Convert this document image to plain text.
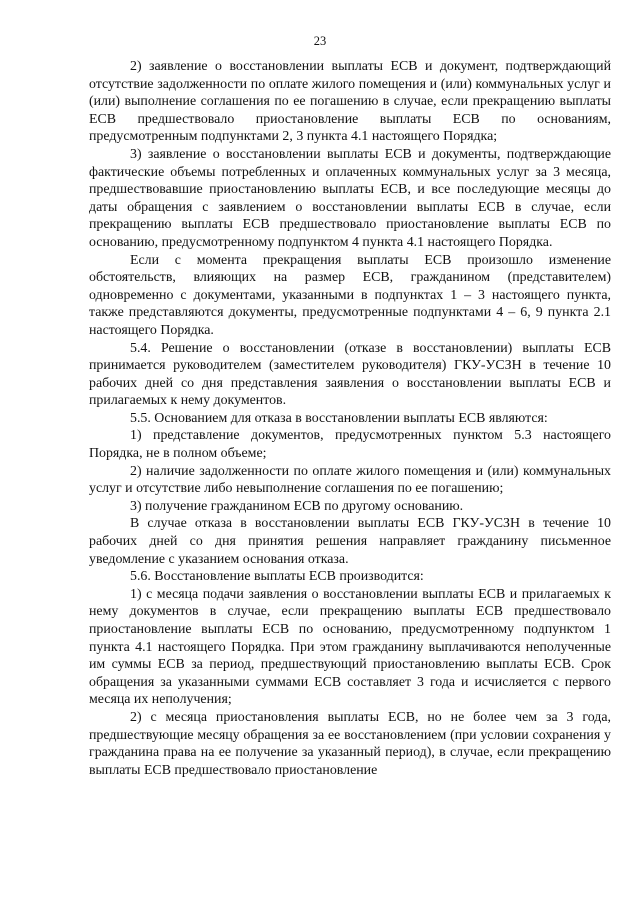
23

2) заявление о восстановлении выплаты ЕСВ и документ, подтверждающий отсутствие задолженности по оплате жилого помещения и (или) коммунальных услуг и (или) выполнение соглашения по ее погашению в случае, если прекращению выплаты ЕСВ предшествовало приостановление выплаты ЕСВ по основаниям, предусмотренным подпунктами 2, 3 пункта 4.1 настоящего Порядка;

3) заявление о восстановлении выплаты ЕСВ и документы, подтверждающие фактические объемы потребленных и оплаченных коммунальных услуг за 3 месяца, предшествовавшие приостановлению выплаты ЕСВ, и все последующие месяцы до даты обращения с заявлением о восстановлении выплаты ЕСВ в случае, если прекращению выплаты ЕСВ предшествовало приостановление выплаты ЕСВ по основанию, предусмотренному подпунктом 4 пункта 4.1 настоящего Порядка.

Если с момента прекращения выплаты ЕСВ произошло изменение обстоятельств, влияющих на размер ЕСВ, гражданином (представителем) одновременно с документами, указанными в подпунктах 1 – 3 настоящего пункта, также представляются документы, предусмотренные подпунктами 4 – 6, 9 пункта 2.1 настоящего Порядка.

5.4. Решение о восстановлении (отказе в восстановлении) выплаты ЕСВ принимается руководителем (заместителем руководителя) ГКУ-УСЗН в течение 10 рабочих дней со дня представления заявления о восстановлении выплаты ЕСВ и прилагаемых к нему документов.

5.5. Основанием для отказа в восстановлении выплаты ЕСВ являются:

1) представление документов, предусмотренных пунктом 5.3 настоящего Порядка, не в полном объеме;

2) наличие задолженности по оплате жилого помещения и (или) коммунальных услуг и отсутствие либо невыполнение соглашения по ее погашению;

3) получение гражданином ЕСВ по другому основанию.

В случае отказа в восстановлении выплаты ЕСВ ГКУ-УСЗН в течение 10 рабочих дней со дня принятия решения направляет гражданину письменное уведомление с указанием основания отказа.

5.6. Восстановление выплаты ЕСВ производится:

1) с месяца подачи заявления о восстановлении выплаты ЕСВ и прилагаемых к нему документов в случае, если прекращению выплаты ЕСВ предшествовало приостановление выплаты ЕСВ по основанию, предусмотренному подпунктом 1 пункта 4.1 настоящего Порядка. При этом гражданину выплачиваются неполученные им суммы ЕСВ за период, предшествующий приостановлению выплаты ЕСВ. Срок обращения за указанными суммами ЕСВ составляет 3 года и исчисляется с первого месяца их неполучения;

2) с месяца приостановления выплаты ЕСВ, но не более чем за 3 года, предшествующие месяцу обращения за ее восстановлением (при условии сохранения у гражданина права на ее получение за указанный период), в случае, если прекращению выплаты ЕСВ предшествовало приостановление
